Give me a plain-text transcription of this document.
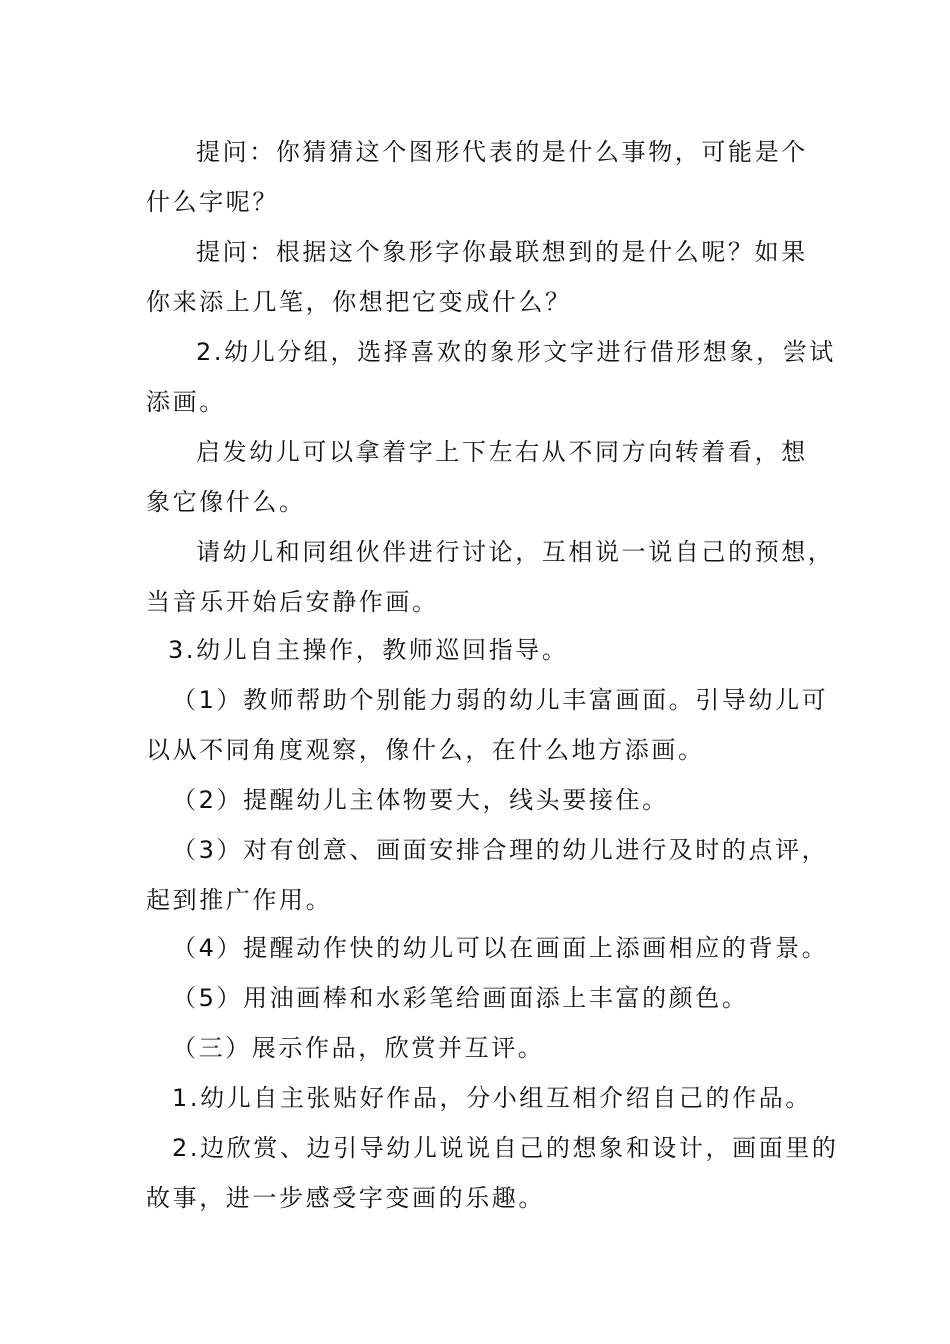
提问：你猜猜这个图形代表的是什么事物，可能是个
什么字呢？
提问：根据这个象形字你最联想到的是什么呢？如果
你来添上几笔，你想把它变成什么？
2.幼儿分组，选择喜欢的象形文字进行借形想象，尝试
添画。
启发幼儿可以拿着字上下左右从不同方向转着看，想
象它像什么。
请幼儿和同组伙伴进行讨论，互相说一说自己的预想，
当音乐开始后安静作画。
3.幼儿自主操作，教师巡回指导。
（1）教师帮助个别能力弱的幼儿丰富画面。引导幼儿可
以从不同角度观察，像什么，在什么地方添画。
（2）提醒幼儿主体物要大，线头要接住。
（3）对有创意、画面安排合理的幼儿进行及时的点评，
起到推广作用。
（4）提醒动作快的幼儿可以在画面上添画相应的背景。
（5）用油画棒和水彩笔给画面添上丰富的颜色。
（三）展示作品，欣赏并互评。
1.幼儿自主张贴好作品，分小组互相介绍自己的作品。
2.边欣赏、边引导幼儿说说自己的想象和设计，画面里的
故事，进一步感受字变画的乐趣。
